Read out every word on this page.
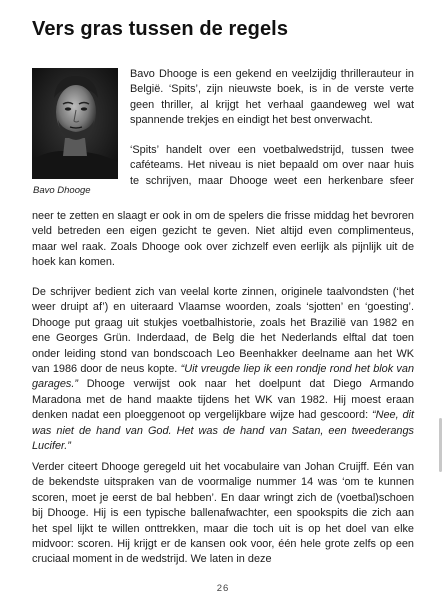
Vers gras tussen de regels
Bavo Dhooge
Bavo Dhooge is een gekend en veelzijdig thrillerauteur in
België. ‘Spits’, zijn nieuwste boek, is in de verste verte
geen thriller, al krijgt het verhaal gaandeweg wel wat
spannende trekjes en eindigt het best onverwacht.
‘Spits’ handelt over een voetbalwedstrijd, tussen twee
caféteams. Het niveau is niet bepaald om over naar huis
te schrijven, maar Dhooge weet een herkenbare sfeer

neer te zetten en slaagt er ook in om de spelers die frisse middag het bevroren veld betreden een eigen gezicht te geven. Niet altijd even complimenteus, maar wel raak. Zoals Dhooge ook over zichzelf even eerlijk als pijnlijk uit de hoek kan komen.

De schrijver bedient zich van veelal korte zinnen, originele taalvondsten (‘het weer druipt af’) en uiteraard Vlaamse woorden, zoals ‘sjotten’ en ‘goesting’. Dhooge put graag uit stukjes voetbalhistorie, zoals het Brazilië van 1982 en ene Georges Grün. Inderdaad, de Belg die het Nederlands elftal dat toen onder leiding stond van bondscoach Leo Beenhakker deelname aan het WK van 1986 door de neus kopte. “Uit vreugde liep ik een rondje rond het blok van garages.” Dhooge verwijst ook naar het doelpunt dat Diego Armando Maradona met de hand maakte tijdens het WK van 1982. Hij moest eraan denken nadat een ploeggenoot op vergelijkbare wijze had gescoord: “Nee, dit was niet de hand van God. Het was de hand van Satan, een tweederangs Lucifer.”

Verder citeert Dhooge geregeld uit het vocabulaire van Johan Cruijff. Eén van de bekendste uitspraken van de voormalige nummer 14 was ‘om te kunnen scoren, moet je eerst de bal hebben’. En daar wringt zich de (voetbal)schoen bij Dhooge. Hij is een typische ballenafwachter, een spookspits die zich aan het spel lijkt te willen onttrekken, maar die toch uit is op het doel van elke midvoor: scoren. Hij krijgt er de kansen ook voor, één hele grote zelfs op een cruciaal moment in de wedstrijd. We laten in deze

26
